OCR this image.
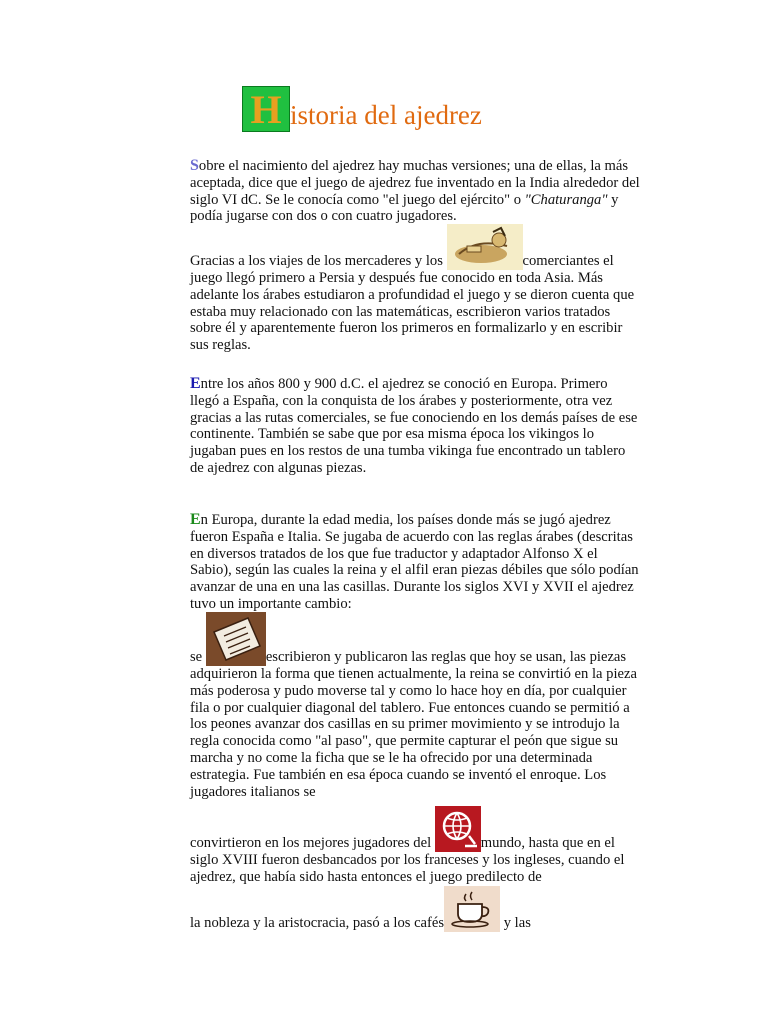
H istoria del ajedrez

Sobre el nacimiento del ajedrez hay muchas versiones; una de ellas, la más aceptada, dice que el juego de ajedrez fue inventado en la India alrededor del siglo VI dC. Se le conocía como "el juego del ejército" o "Chaturanga" y podía jugarse con dos o con cuatro jugadores.

Gracias a los viajes de los mercaderes y los	comerciantes el juego llegó primero a Persia y después fue conocido en toda Asia. Más adelante los árabes estudiaron a profundidad el juego y se dieron cuenta que estaba muy relacionado con las matemáticas, escribieron varios tratados sobre él y aparentemente fueron los primeros en formalizarlo y en escribir sus reglas.

Entre los años 800 y 900 d.C. el ajedrez se conoció en Europa. Primero llegó a España, con la conquista de los árabes y posteriormente, otra vez gracias a las rutas comerciales, se fue conociendo en los demás países de ese continente. También se sabe que por esa misma época los vikingos lo jugaban pues en los restos de una tumba vikinga fue encontrado un tablero de ajedrez con algunas piezas.

En Europa, durante la edad media, los países donde más se jugó ajedrez fueron España e Italia. Se jugaba de acuerdo con las reglas árabes (descritas en diversos tratados de los que fue traductor y adaptador Alfonso X el Sabio), según las cuales la reina y el alfil eran piezas débiles que sólo podían avanzar de una en una las casillas. Durante los siglos XVI y XVII el ajedrez tuvo un importante cambio:

se	escribieron y publicaron las reglas que hoy se usan, las piezas adquirieron la forma que tienen actualmente, la reina se convirtió en la pieza más poderosa y pudo moverse tal y como lo hace hoy en día, por cualquier fila o por cualquier diagonal del tablero. Fue entonces cuando se permitió a los peones avanzar dos casillas en su primer movimiento y se introdujo la regla conocida como "al paso", que permite capturar el peón que sigue su marcha y no come la ficha que se le ha ofrecido por una determinada estrategia. Fue también en esa época cuando se inventó el enroque. Los jugadores italianos se

convirtieron en los mejores jugadores del	mundo, hasta que en el siglo XVIII fueron desbancados por los franceses y los ingleses, cuando el ajedrez, que había sido hasta entonces el juego predilecto de

la nobleza y la aristocracia, pasó a los cafés	y las
